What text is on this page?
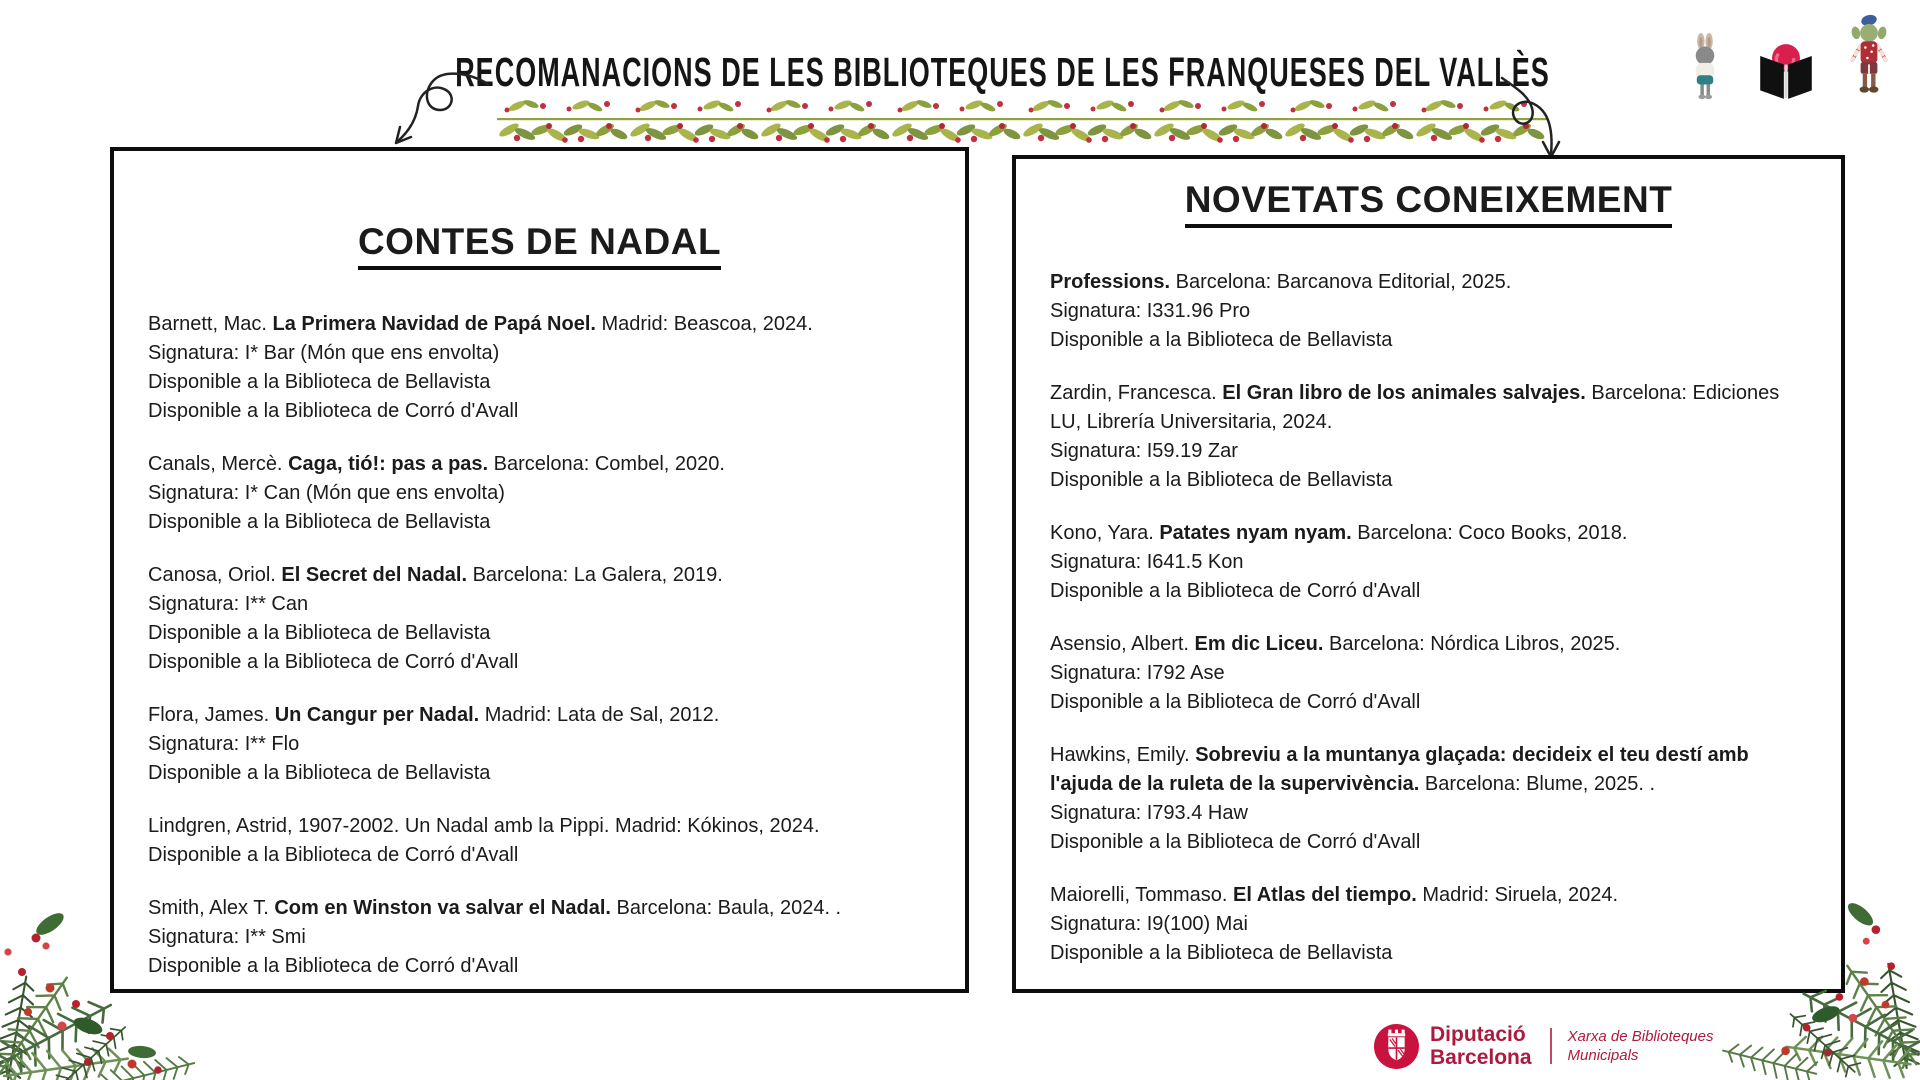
RECOMANACIONS DE LES BIBLIOTEQUES DE LES FRANQUESES DEL VALLÈS
CONTES DE NADAL

Barnett, Mac. La Primera Navidad de Papá Noel. Madrid: Beascoa, 2024.

Signatura: I* Bar (Món que ens envolta)

Disponible a la Biblioteca de Bellavista

Disponible a la Biblioteca de Corró d'Avall

Canals, Mercè. Caga, tió!: pas a pas. Barcelona: Combel, 2020.

Signatura: I* Can (Món que ens envolta)

Disponible a la Biblioteca de Bellavista

Canosa, Oriol. El Secret del Nadal. Barcelona: La Galera, 2019.

Signatura: I** Can

Disponible a la Biblioteca de Bellavista

Disponible a la Biblioteca de Corró d'Avall

Flora, James. Un Cangur per Nadal. Madrid: Lata de Sal, 2012.

Signatura: I** Flo

Disponible a la Biblioteca de Bellavista

Lindgren, Astrid, 1907-2002. Un Nadal amb la Pippi. Madrid: Kókinos, 2024.

Disponible a la Biblioteca de Corró d'Avall

Smith, Alex T. Com en Winston va salvar el Nadal. Barcelona: Baula, 2024. .

Signatura: I** Smi

Disponible a la Biblioteca de Corró d'Avall

NOVETATS CONEIXEMENT

Professions. Barcelona: Barcanova Editorial, 2025.

Signatura: I331.96 Pro

Disponible a la Biblioteca de Bellavista

Zardin, Francesca. El Gran libro de los animales salvajes. Barcelona: Ediciones LU, Librería Universitaria, 2024.

Signatura: I59.19 Zar

Disponible a la Biblioteca de Bellavista

Kono, Yara. Patates nyam nyam. Barcelona: Coco Books, 2018.

Signatura: I641.5 Kon

Disponible a la Biblioteca de Corró d'Avall

Asensio, Albert. Em dic Liceu. Barcelona: Nórdica Libros, 2025.

Signatura: I792 Ase

Disponible a la Biblioteca de Corró d'Avall

Hawkins, Emily. Sobreviu a la muntanya glaçada: decideix el teu destí amb l'ajuda de la ruleta de la supervivència. Barcelona: Blume, 2025. .

Signatura: I793.4 Haw

Disponible a la Biblioteca de Corró d'Avall

Maiorelli, Tommaso. El Atlas del tiempo. Madrid: Siruela, 2024.

Signatura: I9(100) Mai

Disponible a la Biblioteca de Bellavista

Diputació
Barcelona
Xarxa de Biblioteques
Municipals
